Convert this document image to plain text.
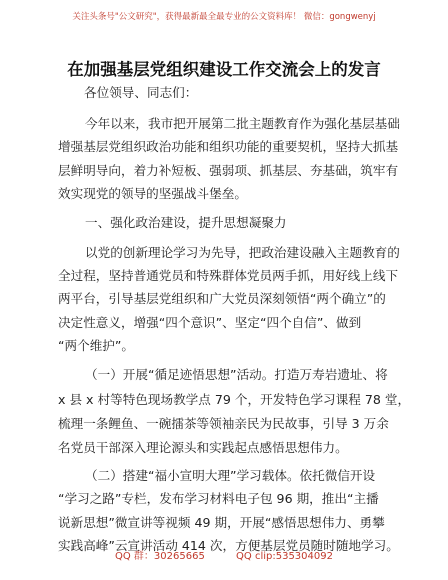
关注头条号"公文研究"，获得最新最全最专业的公文资料库！ 微信：gongwenyj
在加强基层党组织建设工作交流会上的发言
各位领导、同志们：
今年以来，我市把开展第二批主题教育作为强化基层基础
增强基层党组织政治功能和组织功能的重要契机，坚持大抓基
层鲜明导向，着力补短板、强弱项、抓基层、夯基础，筑牢有
效实现党的领导的坚强战斗堡垒。
一、强化政治建设，提升思想凝聚力
以党的创新理论学习为先导，把政治建设融入主题教育的
全过程，坚持普通党员和特殊群体党员两手抓，用好线上线下
两平台，引导基层党组织和广大党员深刻领悟“两个确立”的
决定性意义，增强“四个意识”、坚定“四个自信”、做到
“两个维护”。
（一）开展“循足迹悟思想”活动。打造万寿岩遗址、将
x 县 x 村等特色现场教学点 79 个，开发特色学习课程 78 堂，
梳理一条鲤鱼、一碗擂茶等领袖亲民为民故事，引导 3 万余
名党员干部深入理论源头和实践起点感悟思想伟力。
（二）搭建“福小宣明大理”学习载体。依托微信开设
“学习之路”专栏，发布学习材料电子包 96 期，推出“主播
说新思想”微宣讲等视频 49 期，开展“感悟思想伟力、勇攀
实践高峰”云宣讲活动 414 次，方便基层党员随时随地学习。
QQ 群：30265665	QQ clip:535304092
